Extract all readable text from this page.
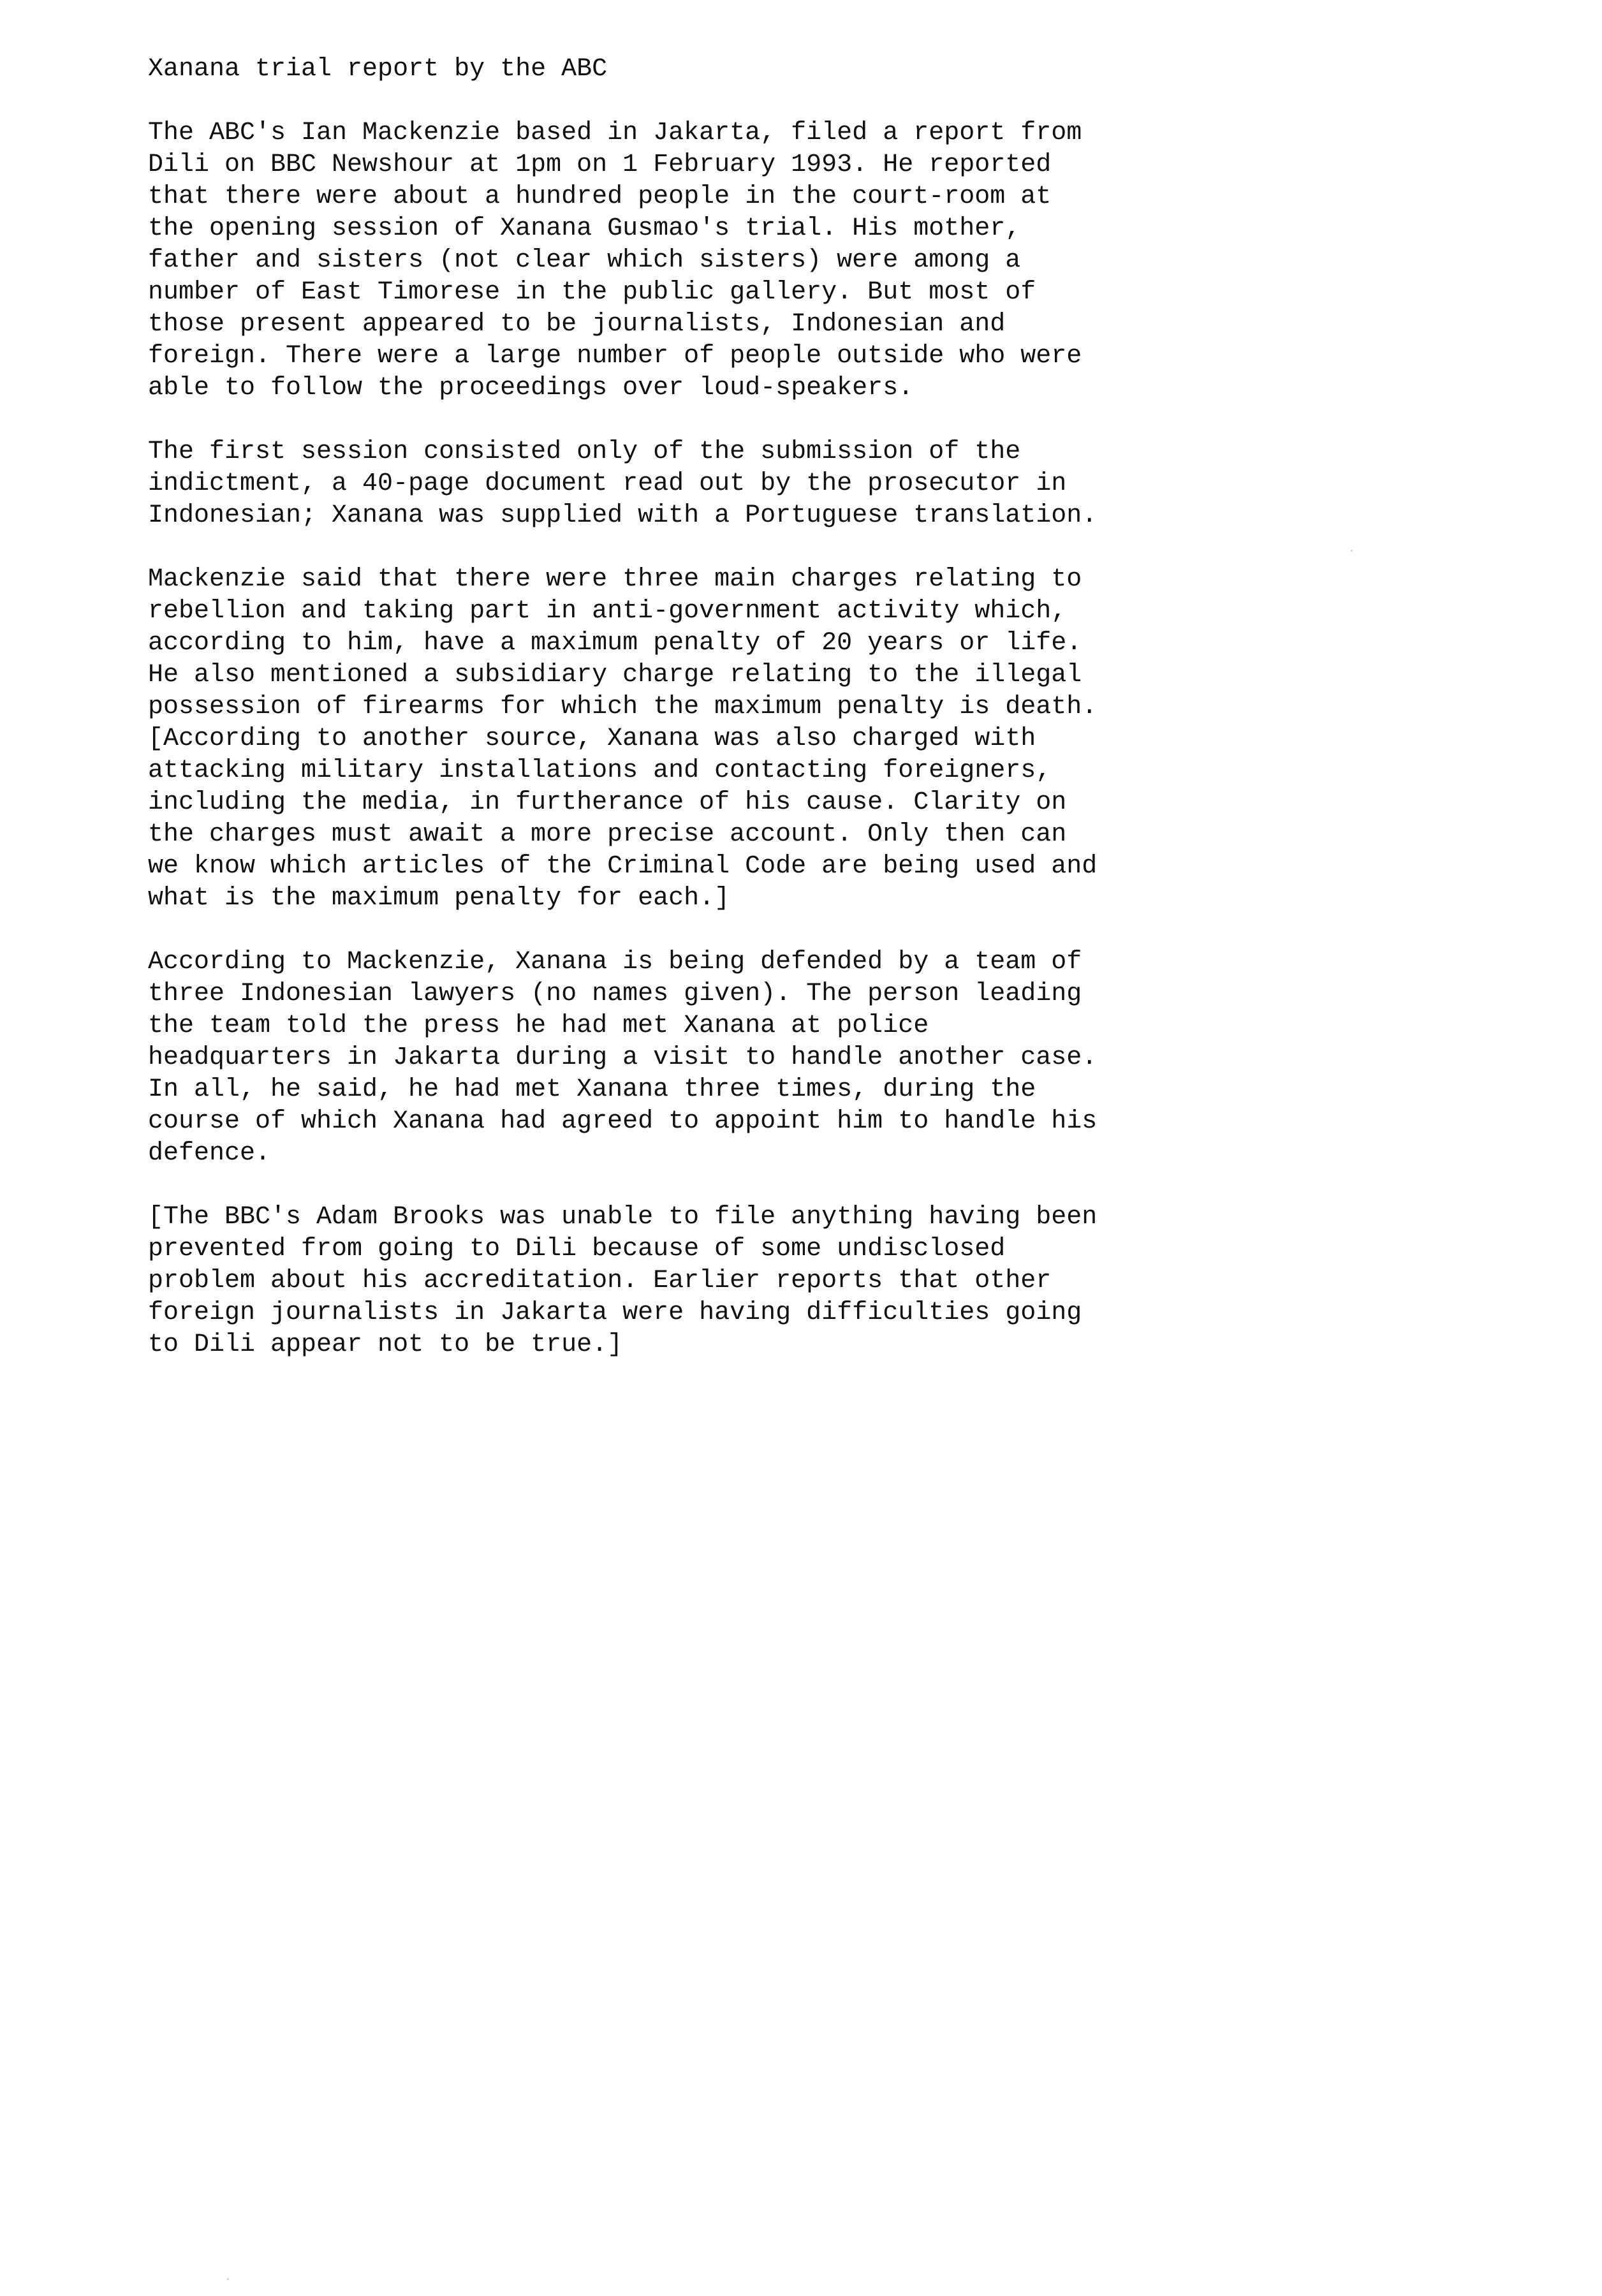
Xanana trial report by the ABC
The ABC's Ian Mackenzie based in Jakarta, filed a report from
Dili on BBC Newshour at 1pm on 1 February 1993. He reported
that there were about a hundred people in the court-room at
the opening session of Xanana Gusmao's trial. His mother,
father and sisters (not clear which sisters) were among a
number of East Timorese in the public gallery. But most of
those present appeared to be journalists, Indonesian and
foreign. There were a large number of people outside who were
able to follow the proceedings over loud-speakers.
The first session consisted only of the submission of the
indictment, a 40-page document read out by the prosecutor in
Indonesian; Xanana was supplied with a Portuguese translation.
Mackenzie said that there were three main charges relating to
rebellion and taking part in anti-government activity which,
according to him, have a maximum penalty of 20 years or life.
He also mentioned a subsidiary charge relating to the illegal
possession of firearms for which the maximum penalty is death.
[According to another source, Xanana was also charged with
attacking military installations and contacting foreigners,
including the media, in furtherance of his cause. Clarity on
the charges must await a more precise account. Only then can
we know which articles of the Criminal Code are being used and
what is the maximum penalty for each.]
According to Mackenzie, Xanana is being defended by a team of
three Indonesian lawyers (no names given). The person leading
the team told the press he had met Xanana at police
headquarters in Jakarta during a visit to handle another case.
In all, he said, he had met Xanana three times, during the
course of which Xanana had agreed to appoint him to handle his
defence.
[The BBC's Adam Brooks was unable to file anything having been
prevented from going to Dili because of some undisclosed
problem about his accreditation. Earlier reports that other
foreign journalists in Jakarta were having difficulties going
to Dili appear not to be true.]
